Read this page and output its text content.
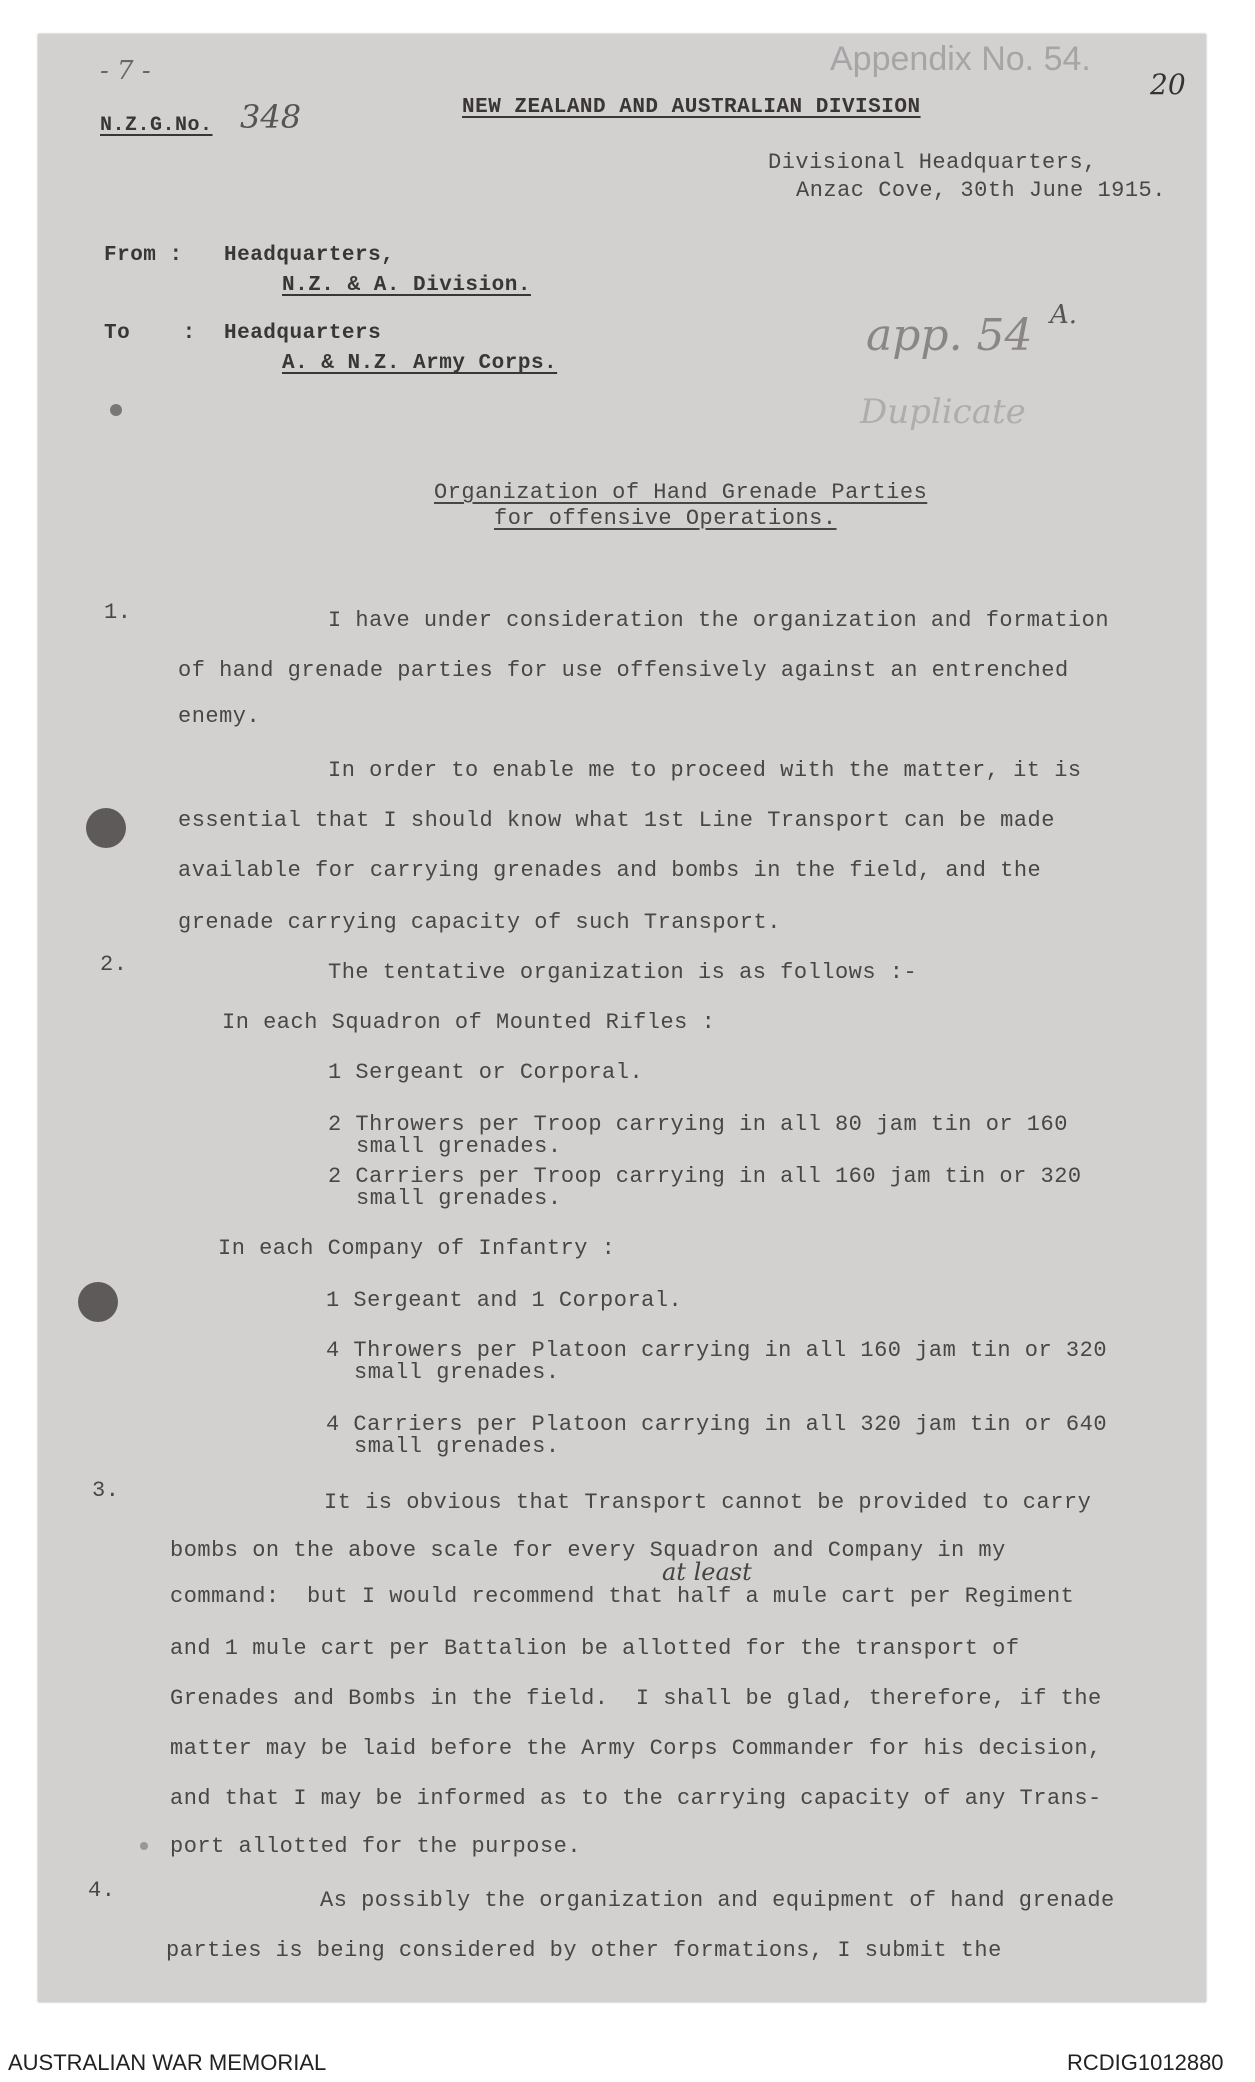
- 7 -	Appendix No. 54.
20
N.Z.G.No. 348	NEW ZEALAND AND AUSTRALIAN DIVISION
Divisional Headquarters,
Anzac Cove, 30th June 1915.
From : Headquarters,
N.Z. & A. Division.
To    : Headquarters
A. & N.Z. Army Corps.
app. 54 A.
Duplicate
Organization of Hand Grenade Parties
for offensive Operations.
1.	I have under consideration the organization and formation
of hand grenade parties for use offensively against an entrenched
enemy.
In order to enable me to proceed with the matter, it is
essential that I should know what 1st Line Transport can be made
available for carrying grenades and bombs in the field, and the
grenade carrying capacity of such Transport.
2.	The tentative organization is as follows :-
In each Squadron of Mounted Rifles :
1 Sergeant or Corporal.
2 Throwers per Troop carrying in all 80 jam tin or 160
small grenades.
2 Carriers per Troop carrying in all 160 jam tin or 320
small grenades.
In each Company of Infantry :
1 Sergeant and 1 Corporal.
4 Throwers per Platoon carrying in all 160 jam tin or 320
small grenades.
4 Carriers per Platoon carrying in all 320 jam tin or 640
small grenades.
3.	It is obvious that Transport cannot be provided to carry
bombs on the above scale for every Squadron and Company in my
at least
command:  but I would recommend that half a mule cart per Regiment
and 1 mule cart per Battalion be allotted for the transport of
Grenades and Bombs in the field.  I shall be glad, therefore, if the
matter may be laid before the Army Corps Commander for his decision,
and that I may be informed as to the carrying capacity of any Trans-
port allotted for the purpose.
4.	As possibly the organization and equipment of hand grenade
parties is being considered by other formations, I submit the
AUSTRALIAN WAR MEMORIAL	RCDIG1012880
